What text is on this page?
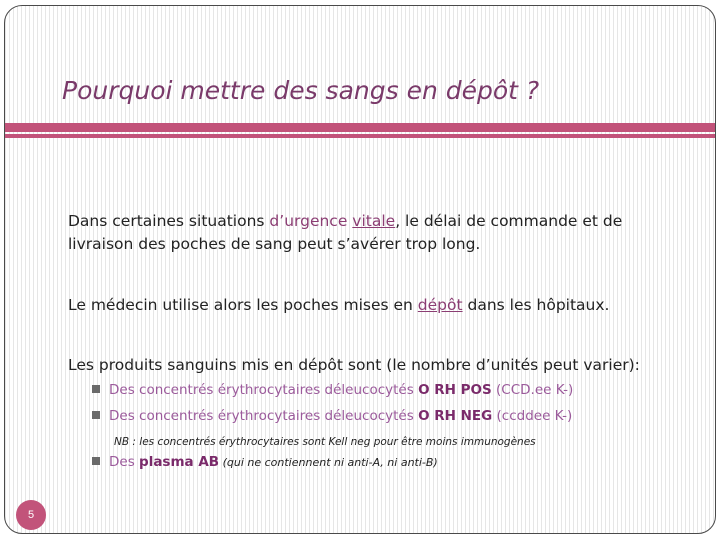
Pourquoi mettre des sangs en dépôt ?
Dans certaines situations d’urgence vitale, le délai de commande et de
livraison des poches de sang peut s’avérer trop long.
Le médecin utilise alors les poches mises en dépôt dans les hôpitaux.
Les produits sanguins mis en dépôt sont (le nombre d’unités peut varier):
Des concentrés érythrocytaires déleucocytés O RH POS (CCD.ee K-)
Des concentrés érythrocytaires déleucocytés O RH NEG (ccddee K-)
Des plasma AB (qui ne contiennent ni anti-A, ni anti-B)
NB : les concentrés érythrocytaires sont Kell neg pour être moins immunogènes
5
